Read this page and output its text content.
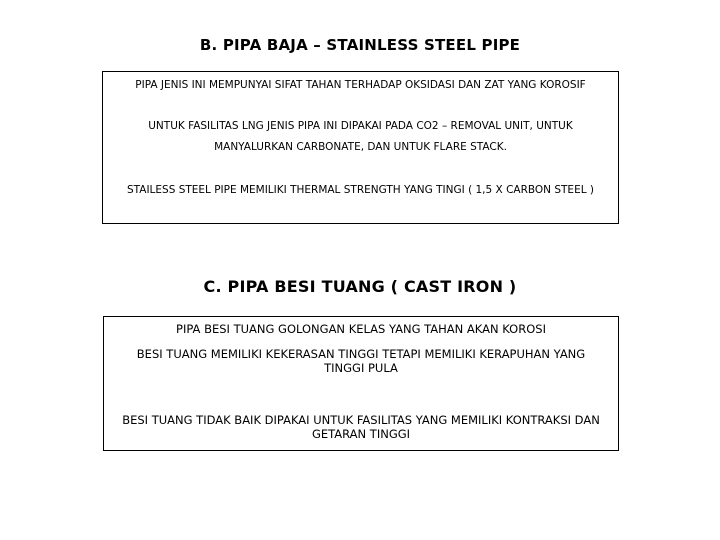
B. PIPA BAJA – STAINLESS STEEL PIPE
PIPA JENIS INI MEMPUNYAI SIFAT TAHAN TERHADAP OKSIDASI DAN ZAT YANG KOROSIF
UNTUK FASILITAS LNG JENIS PIPA INI DIPAKAI PADA CO2 – REMOVAL UNIT, UNTUK
MANYALURKAN CARBONATE, DAN UNTUK FLARE STACK.
STAILESS STEEL PIPE MEMILIKI THERMAL STRENGTH YANG TINGI ( 1,5 X CARBON STEEL )
C. PIPA BESI TUANG ( CAST IRON )
PIPA BESI TUANG GOLONGAN KELAS YANG TAHAN AKAN KOROSI
BESI TUANG MEMILIKI KEKERASAN TINGGI TETAPI MEMILIKI KERAPUHAN YANG TINGGI PULA
BESI TUANG TIDAK BAIK DIPAKAI UNTUK FASILITAS YANG MEMILIKI KONTRAKSI DAN GETARAN TINGGI
